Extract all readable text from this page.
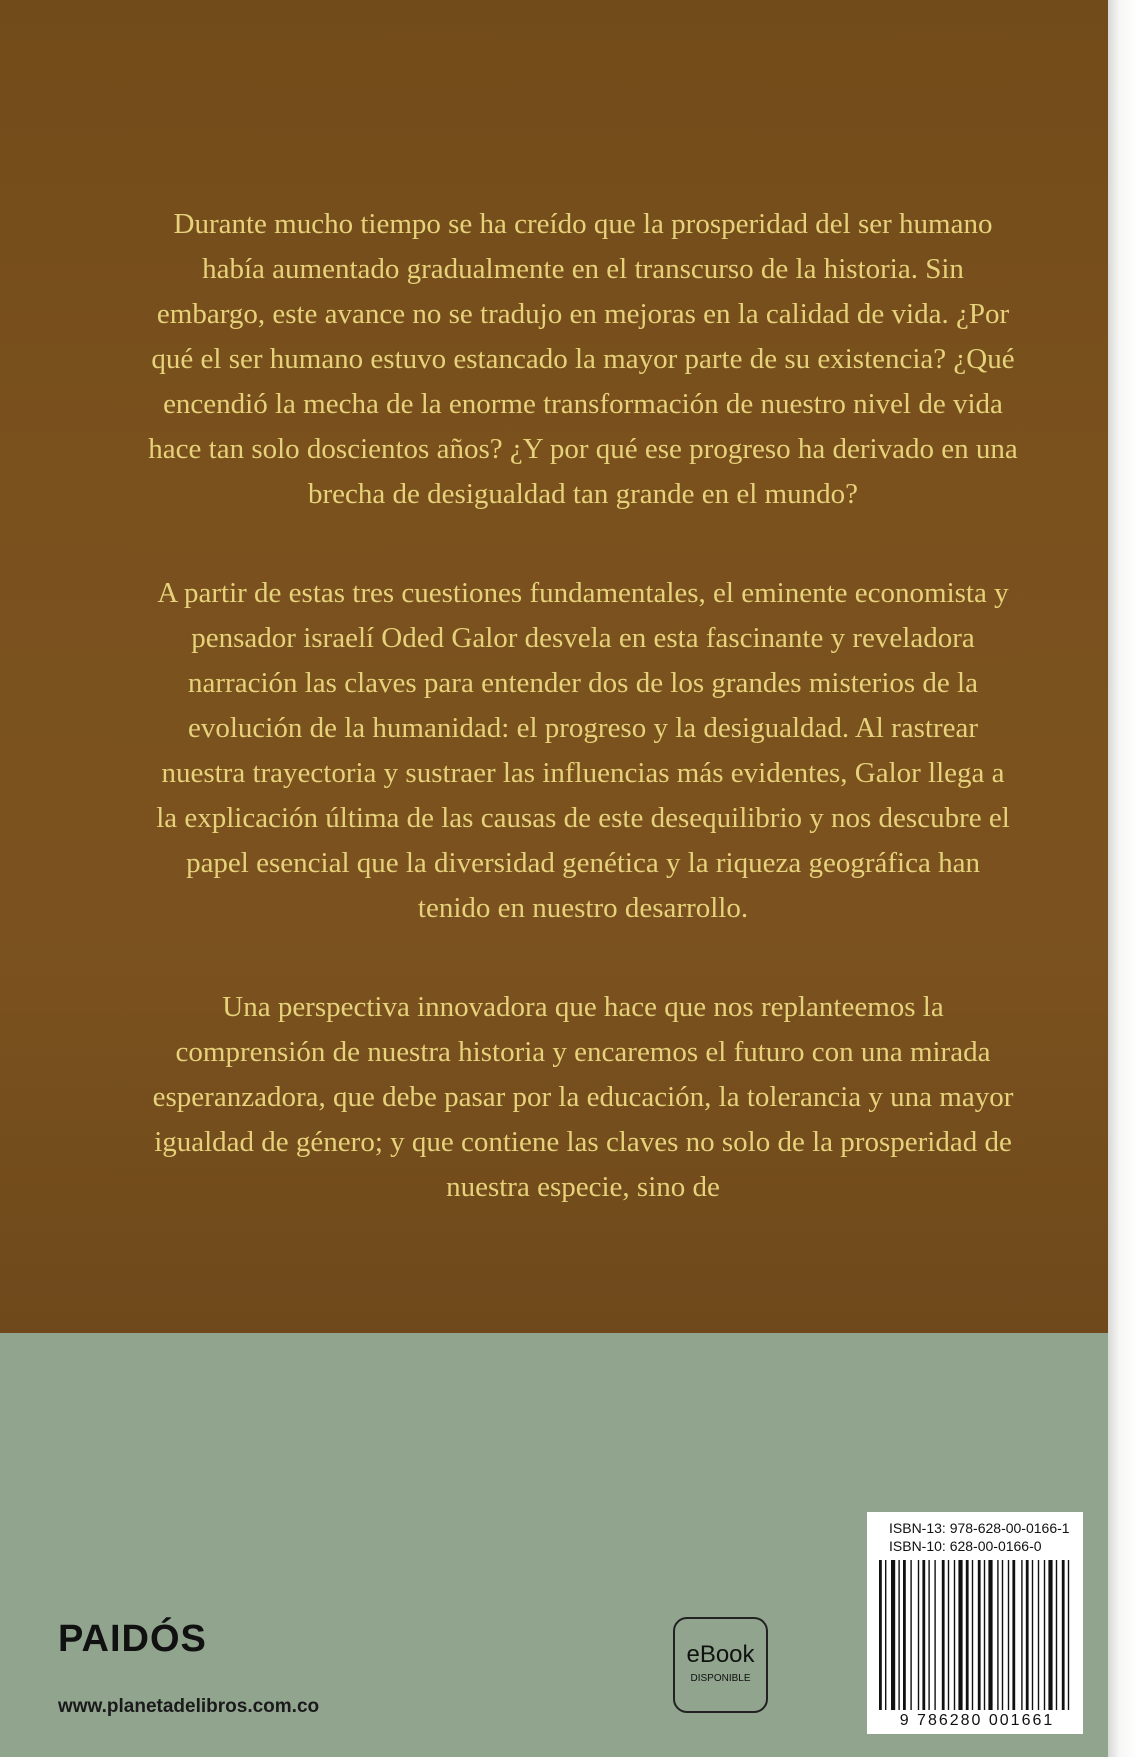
Durante mucho tiempo se ha creído que la prosperidad del ser humano había aumentado gradualmente en el transcurso de la historia. Sin embargo, este avance no se tradujo en mejoras en la calidad de vida. ¿Por qué el ser humano estuvo estancado la mayor parte de su existencia? ¿Qué encendió la mecha de la enorme transformación de nuestro nivel de vida hace tan solo doscientos años? ¿Y por qué ese progreso ha derivado en una brecha de desigualdad tan grande en el mundo?

A partir de estas tres cuestiones fundamentales, el eminente economista y pensador israelí Oded Galor desvela en esta fascinante y reveladora narración las claves para entender dos de los grandes misterios de la evolución de la humanidad: el progreso y la desigualdad. Al rastrear nuestra trayectoria y sustraer las influencias más evidentes, Galor llega a la explicación última de las causas de este desequilibrio y nos descubre el papel esencial que la diversidad genética y la riqueza geográfica han tenido en nuestro desarrollo.

Una perspectiva innovadora que hace que nos replanteemos la comprensión de nuestra historia y encaremos el futuro con una mirada esperanzadora, que debe pasar por la educación, la tolerancia y una mayor igualdad de género; y que contiene las claves no solo de la prosperidad de nuestra especie, sino de

PAIDÓS
www.planetadelibros.com.co
eBook
DISPONIBLE
ISBN-13: 978-628-00-0166-1
ISBN-10: 628-00-0166-0
9 786280 001661
